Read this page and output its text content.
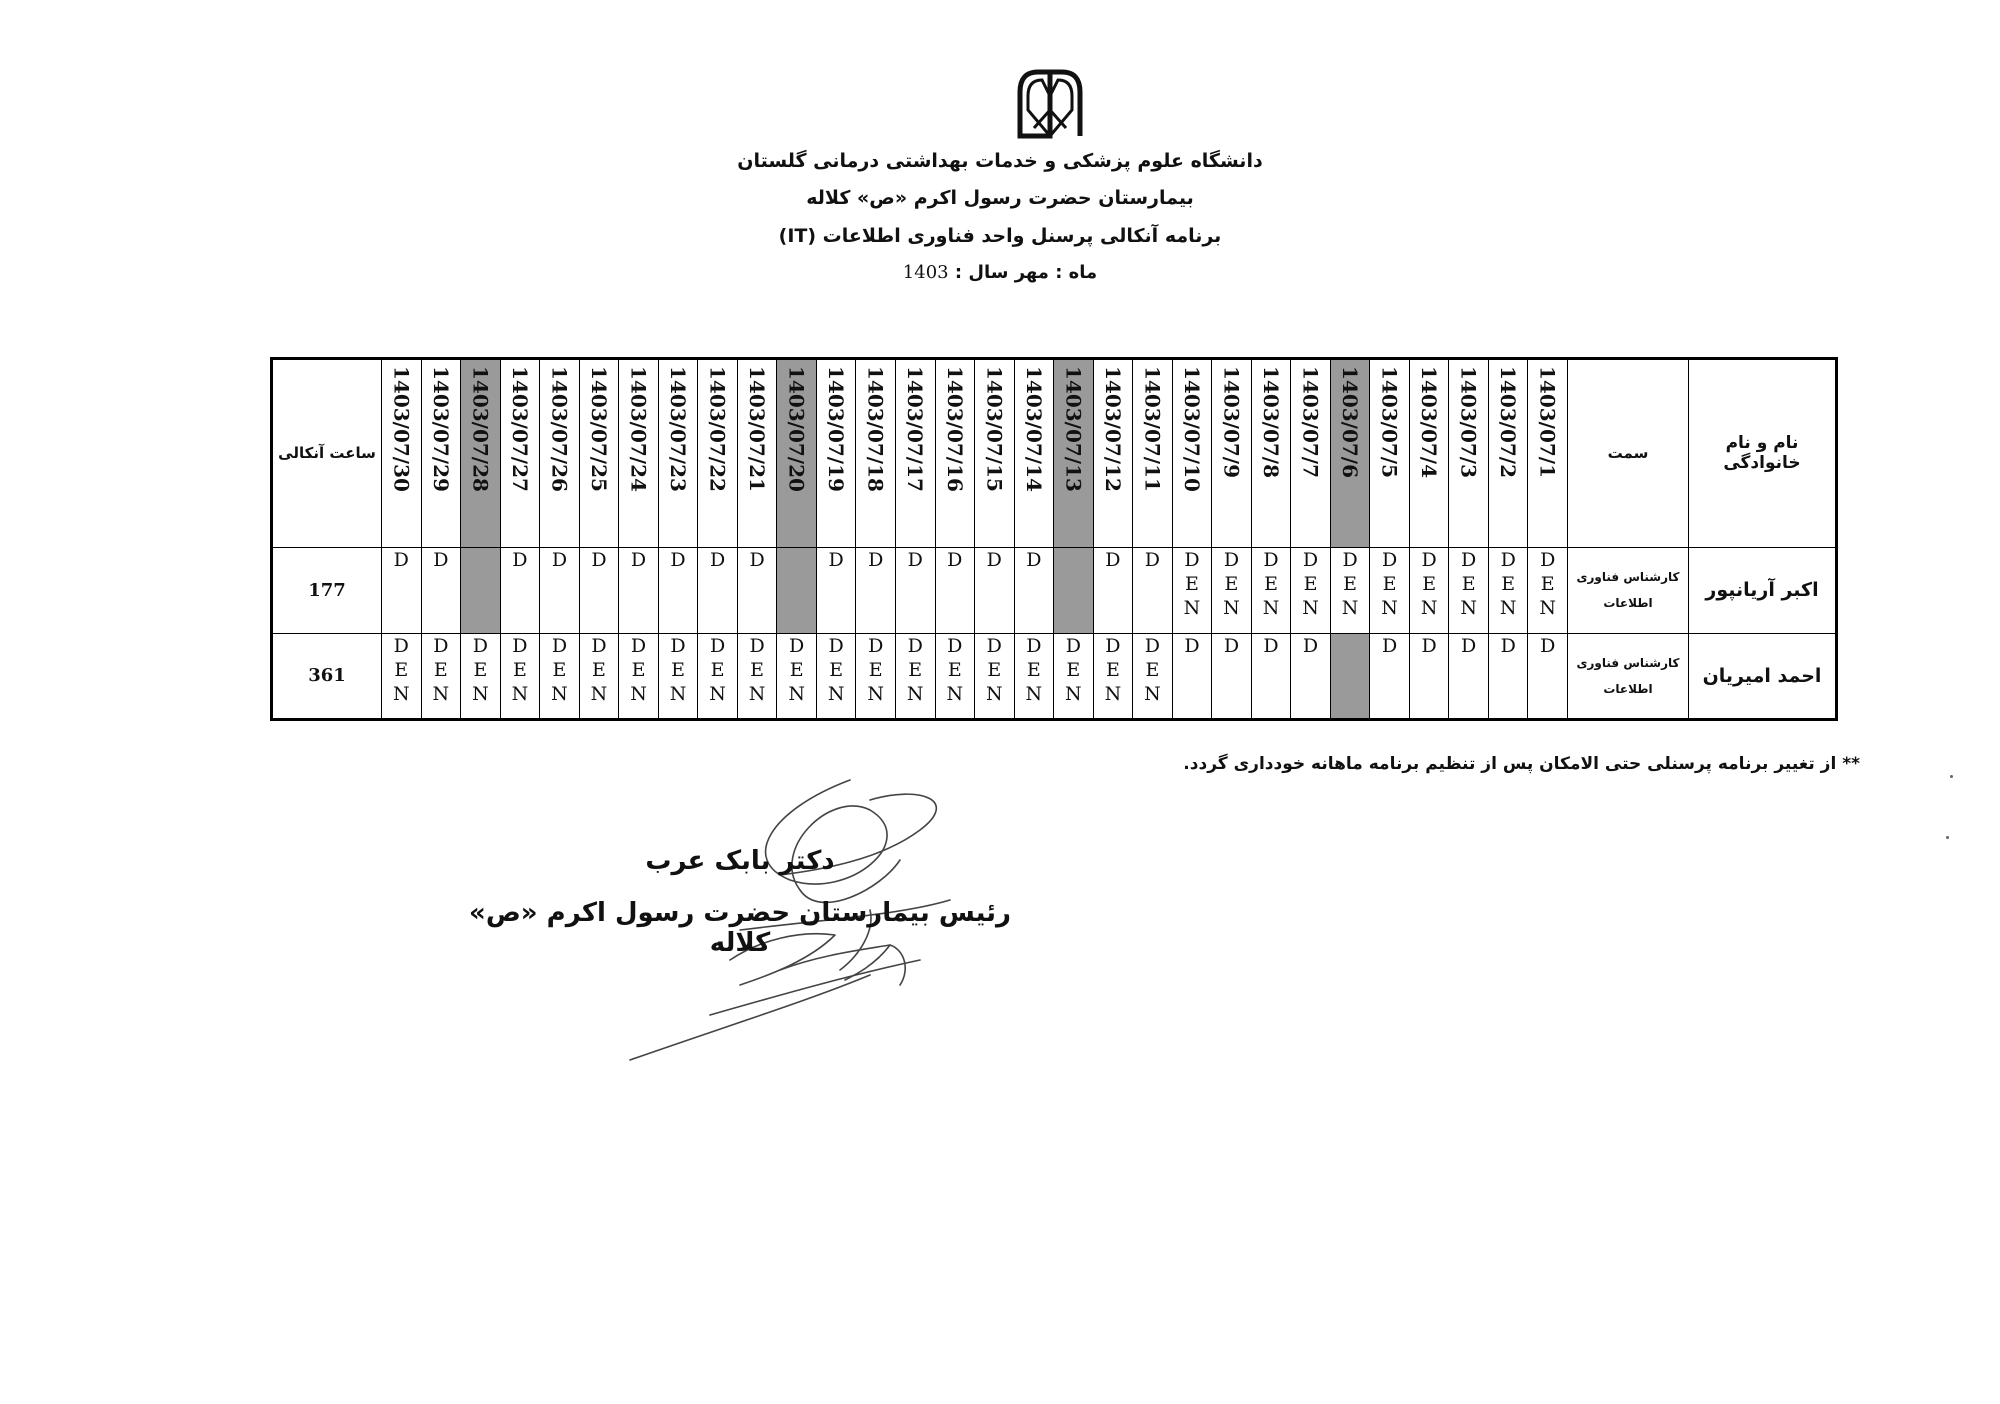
دانشگاه علوم پزشکی و خدمات بهداشتی درمانی گلستان
بیمارستان حضرت رسول اکرم «ص» کلاله
برنامه آنکالی پرسنل واحد فناوری اطلاعات (IT)
ماه : مهر سال : 1403
نام و نام خانوادگی	سمت	1403/07/1	1403/07/2	1403/07/3	1403/07/4	1403/07/5	1403/07/6	1403/07/7	1403/07/8	1403/07/9	1403/07/10	1403/07/11	1403/07/12	1403/07/13	1403/07/14	1403/07/15	1403/07/16	1403/07/17	1403/07/18	1403/07/19	1403/07/20	1403/07/21	1403/07/22	1403/07/23	1403/07/24	1403/07/25	1403/07/26	1403/07/27	1403/07/28	1403/07/29	1403/07/30	ساعت آنکالی
اکبر آریانپور	کارشناس فناوری اطلاعات	D
E
N	D
E
N	D
E
N	D
E
N	D
E
N	D
E
N	D
E
N	D
E
N	D
E
N	D
E
N	D	D		D	D	D	D	D	D		D	D	D	D	D	D	D		D	D	177
احمد امیریان	کارشناس فناوری اطلاعات	D	D	D	D	D		D	D	D	D	D
E
N	D
E
N	D
E
N	D
E
N	D
E
N	D
E
N	D
E
N	D
E
N	D
E
N	D
E
N	D
E
N	D
E
N	D
E
N	D
E
N	D
E
N	D
E
N	D
E
N	D
E
N	D
E
N	D
E
N	361
** از تغییر برنامه پرسنلی حتی الامکان پس از تنظیم برنامه ماهانه خودداری گردد.
دکتر بابک عرب
رئیس بیمارستان حضرت رسول اکرم «ص» کلاله
